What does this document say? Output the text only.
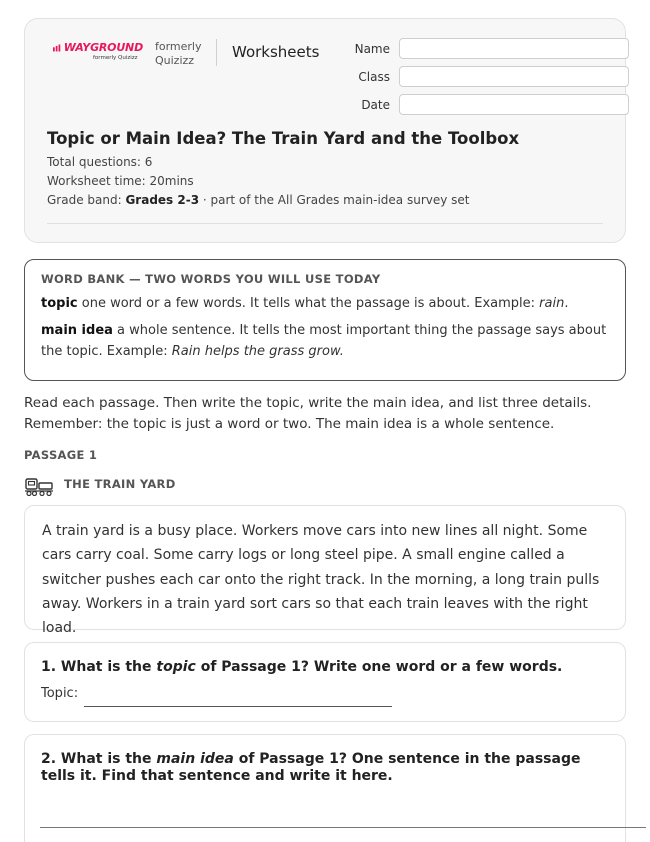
WAYGROUND
formerly Quizizz
formerly
Quizizz	Worksheets	Name
Class
Date
Topic or Main Idea? The Train Yard and the Toolbox
Total questions: 6
Worksheet time: 20mins
Grade band: Grades 2-3 · part of the All Grades main-idea survey set
WORD BANK — TWO WORDS YOU WILL USE TODAY
topic one word or a few words. It tells what the passage is about. Example: rain.
main idea a whole sentence. It tells the most important thing the passage says about the topic. Example: Rain helps the grass grow.
Read each passage. Then write the topic, write the main idea, and list three details.
Remember: the topic is just a word or two. The main idea is a whole sentence.
PASSAGE 1
THE TRAIN YARD
A train yard is a busy place. Workers move cars into new lines all night. Some cars carry coal. Some carry logs or long steel pipe. A small engine called a switcher pushes each car onto the right track. In the morning, a long train pulls away. Workers in a train yard sort cars so that each train leaves with the right load.
1. What is the topic of Passage 1? Write one word or a few words.
Topic:
2. What is the main idea of Passage 1? One sentence in the passage tells it. Find that sentence and write it here.
